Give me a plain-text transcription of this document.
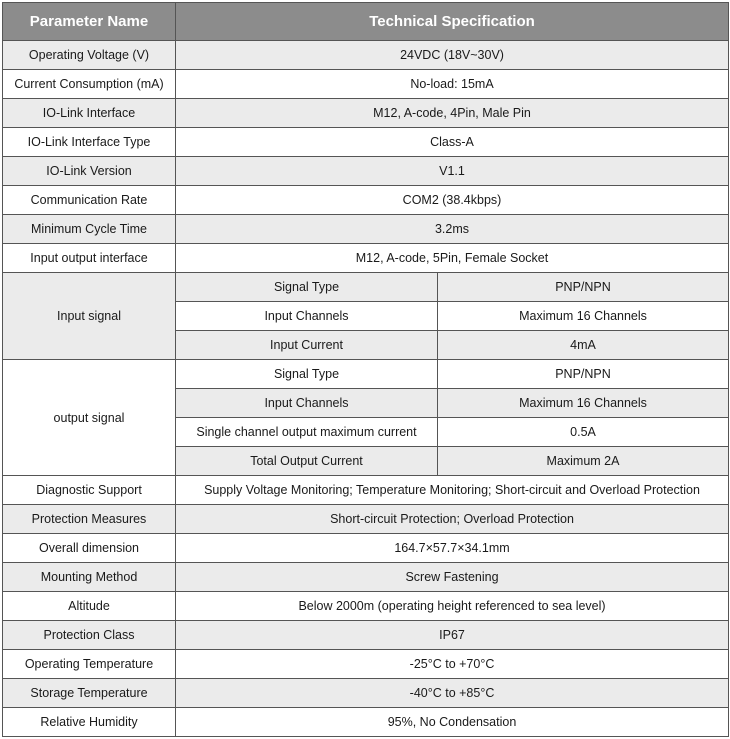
Parameter Name	Technical Specification	
Operating Voltage (V)	24VDC (18V~30V)	
Current Consumption (mA)	No-load: 15mA	
IO-Link Interface	M12, A-code, 4Pin, Male Pin	
IO-Link Interface Type	Class-A	
IO-Link Version	V1.1	
Communication Rate	COM2 (38.4kbps)	
Minimum Cycle Time	3.2ms	
Input output interface	M12, A-code, 5Pin, Female Socket	
Input signal	Signal Type	PNP/NPN
	Input Channels	Maximum 16 Channels
	Input Current	4mA
output signal	Signal Type	PNP/NPN
	Input Channels	Maximum 16 Channels
	Single channel output maximum current	0.5A
	Total Output Current	Maximum 2A
Diagnostic Support	Supply Voltage Monitoring; Temperature Monitoring; Short-circuit and Overload Protection	
Protection Measures	Short-circuit Protection; Overload Protection	
Overall dimension	164.7×57.7×34.1mm	
Mounting Method	Screw Fastening	
Altitude	Below 2000m (operating height referenced to sea level)	
Protection Class	IP67	
Operating Temperature	-25°C to +70°C	
Storage Temperature	-40°C to +85°C	
Relative Humidity	95%, No Condensation	
